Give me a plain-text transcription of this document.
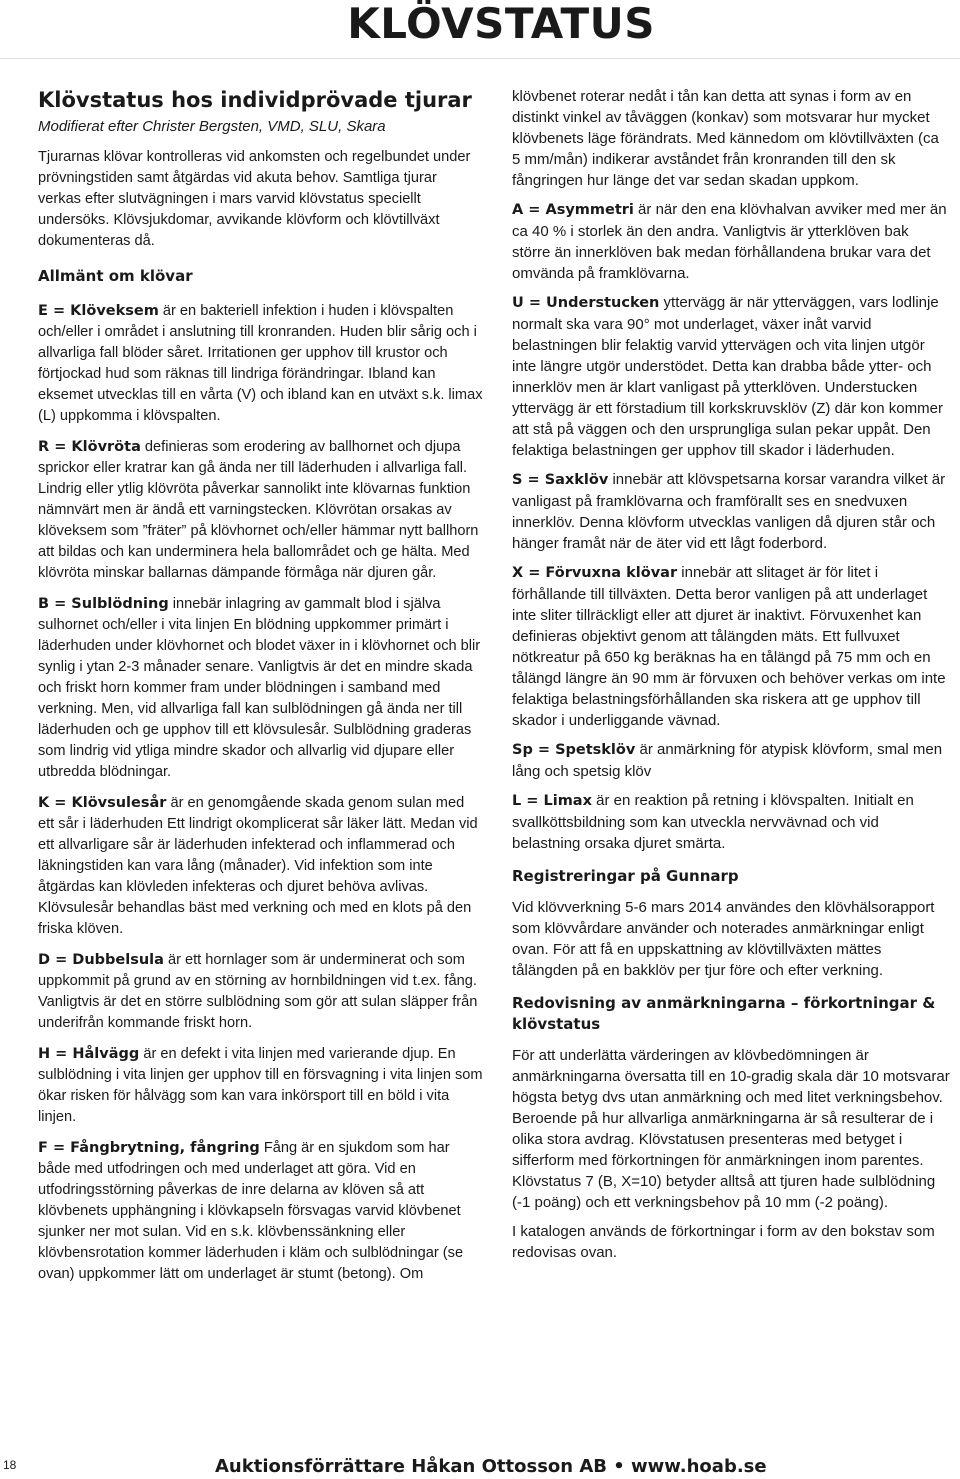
KLÖVSTATUS
Klövstatus hos individprövade tjurar
Modifierat efter Christer Bergsten, VMD, SLU, Skara

Tjurarnas klövar kontrolleras vid ankomsten och regelbundet under prövningstiden samt åtgärdas vid akuta behov. Samtliga tjurar verkas efter slutvägningen i mars varvid klövstatus speciellt undersöks. Klövsjukdomar, avvikande klövform och klövtillväxt dokumenteras då.

Allmänt om klövar

E = Klöveksem är en bakteriell infektion i huden i klövspalten och/eller i området i anslutning till kronranden. Huden blir sårig och i allvarliga fall blöder såret. Irritationen ger upphov till krustor och förtjockad hud som räknas till lindriga förändringar. Ibland kan eksemet utvecklas till en vårta (V) och ibland kan en utväxt s.k. limax (L) uppkomma i klövspalten.

R = Klövröta definieras som erodering av ballhornet och djupa sprickor eller kratrar kan gå ända ner till läderhuden i allvarliga fall. Lindrig eller ytlig klövröta påverkar sannolikt inte klövarnas funktion nämnvärt men är ändå ett varningstecken. Klövrötan orsakas av klöveksem som ”fräter” på klövhornet och/eller hämmar nytt ballhorn att bildas och kan underminera hela ballområdet och ge hälta. Med klövröta minskar ballarnas dämpande förmåga när djuren går.

B = Sulblödning innebär inlagring av gammalt blod i själva sulhornet och/eller i vita linjen En blödning uppkommer primärt i läderhuden under klövhornet och blodet växer in i klövhornet och blir synlig i ytan 2-3 månader senare. Vanligtvis är det en mindre skada och friskt horn kommer fram under blödningen i samband med verkning. Men, vid allvarliga fall kan sulblödningen gå ända ner till läderhuden och ge upphov till ett klövsulesår. Sulblödning graderas som lindrig vid ytliga mindre skador och allvarlig vid djupare eller utbredda blödningar.

K = Klövsulesår är en genomgående skada genom sulan med ett sår i läderhuden Ett lindrigt okomplicerat sår läker lätt. Medan vid ett allvarligare sår är läderhuden infekterad och inflammerad och läkningstiden kan vara lång (månader). Vid infektion som inte åtgärdas kan klövleden infekteras och djuret behöva avlivas. Klövsulesår behandlas bäst med verkning och med en klots på den friska klöven.

D = Dubbelsula är ett hornlager som är underminerat och som uppkommit på grund av en störning av hornbildningen vid t.ex. fång. Vanligtvis är det en större sulblödning som gör att sulan släpper från underifrån kommande friskt horn.

H = Hålvägg är en defekt i vita linjen med varierande djup. En sulblödning i vita linjen ger upphov till en försvagning i vita linjen som ökar risken för hålvägg som kan vara inkörsport till en böld i vita linjen.

F = Fångbrytning, fångring Fång är en sjukdom som har både med utfodringen och med underlaget att göra. Vid en utfodringsstörning påverkas de inre delarna av klöven så att klövbenets upphängning i klövkapseln försvagas varvid klövbenet sjunker ner mot sulan. Vid en s.k. klövbenssänkning eller klövbensrotation kommer läderhuden i kläm och sulblödningar (se ovan) uppkommer lätt om underlaget är stumt (betong). Om

klövbenet roterar nedåt i tån kan detta att synas i form av en distinkt vinkel av tåväggen (konkav) som motsvarar hur mycket klövbenets läge förändrats. Med kännedom om klövtillväxten (ca 5 mm/mån) indikerar avståndet från kronranden till den sk fångringen hur länge det var sedan skadan uppkom.

A = Asymmetri är när den ena klövhalvan avviker med mer än ca 40 % i storlek än den andra. Vanligtvis är ytterklöven bak större än innerklöven bak medan förhållandena brukar vara det omvända på framklövarna.

U = Understucken yttervägg är när ytterväggen, vars lodlinje normalt ska vara 90° mot underlaget, växer inåt varvid belastningen blir felaktig varvid yttervägen och vita linjen utgör inte längre utgör understödet. Detta kan drabba både ytter- och innerklöv men är klart vanligast på ytterklöven. Understucken yttervägg är ett förstadium till korkskruvsklöv (Z) där kon kommer att stå på väggen och den ursprungliga sulan pekar uppåt. Den felaktiga belastningen ger upphov till skador i läderhuden.

S = Saxklöv innebär att klövspetsarna korsar varandra vilket är vanligast på framklövarna och framförallt ses en snedvuxen innerklöv. Denna klövform utvecklas vanligen då djuren står och hänger framåt när de äter vid ett lågt foderbord.

X = Förvuxna klövar innebär att slitaget är för litet i förhållande till tillväxten. Detta beror vanligen på att underlaget inte sliter tillräckligt eller att djuret är inaktivt. Förvuxenhet kan definieras objektivt genom att tålängden mäts. Ett fullvuxet nötkreatur på 650 kg beräknas ha en tålängd på 75 mm och en tålängd längre än 90 mm är förvuxen och behöver verkas om inte felaktiga belastningsförhållanden ska riskera att ge upphov till skador i underliggande vävnad.

Sp = Spetsklöv är anmärkning för atypisk klövform, smal men lång och spetsig klöv

L = Limax är en reaktion på retning i klövspalten. Initialt en svallköttsbildning som kan utveckla nervvävnad och vid belastning orsaka djuret smärta.

Registreringar på Gunnarp

Vid klövverkning 5-6 mars 2014 användes den klövhälsorapport som klövvårdare använder och noterades anmärkningar enligt ovan. För att få en uppskattning av klövtillväxten mättes tålängden på en bakklöv per tjur före och efter verkning.

Redovisning av anmärkningarna – förkortningar & klövstatus

För att underlätta värderingen av klövbedömningen är anmärkningarna översatta till en 10-gradig skala där 10 motsvarar högsta betyg dvs utan anmärkning och med litet verkningsbehov. Beroende på hur allvarliga anmärkningarna är så resulterar de i olika stora avdrag. Klövstatusen presenteras med betyget i sifferform med förkortningen för anmärkningen inom parentes. Klövstatus 7 (B, X=10) betyder alltså att tjuren hade sulblödning (-1 poäng) och ett verkningsbehov på 10 mm (-2 poäng).

I katalogen används de förkortningar i form av den bokstav som redovisas ovan.

18	Auktionsförrättare Håkan Ottosson AB • www.hoab.se
